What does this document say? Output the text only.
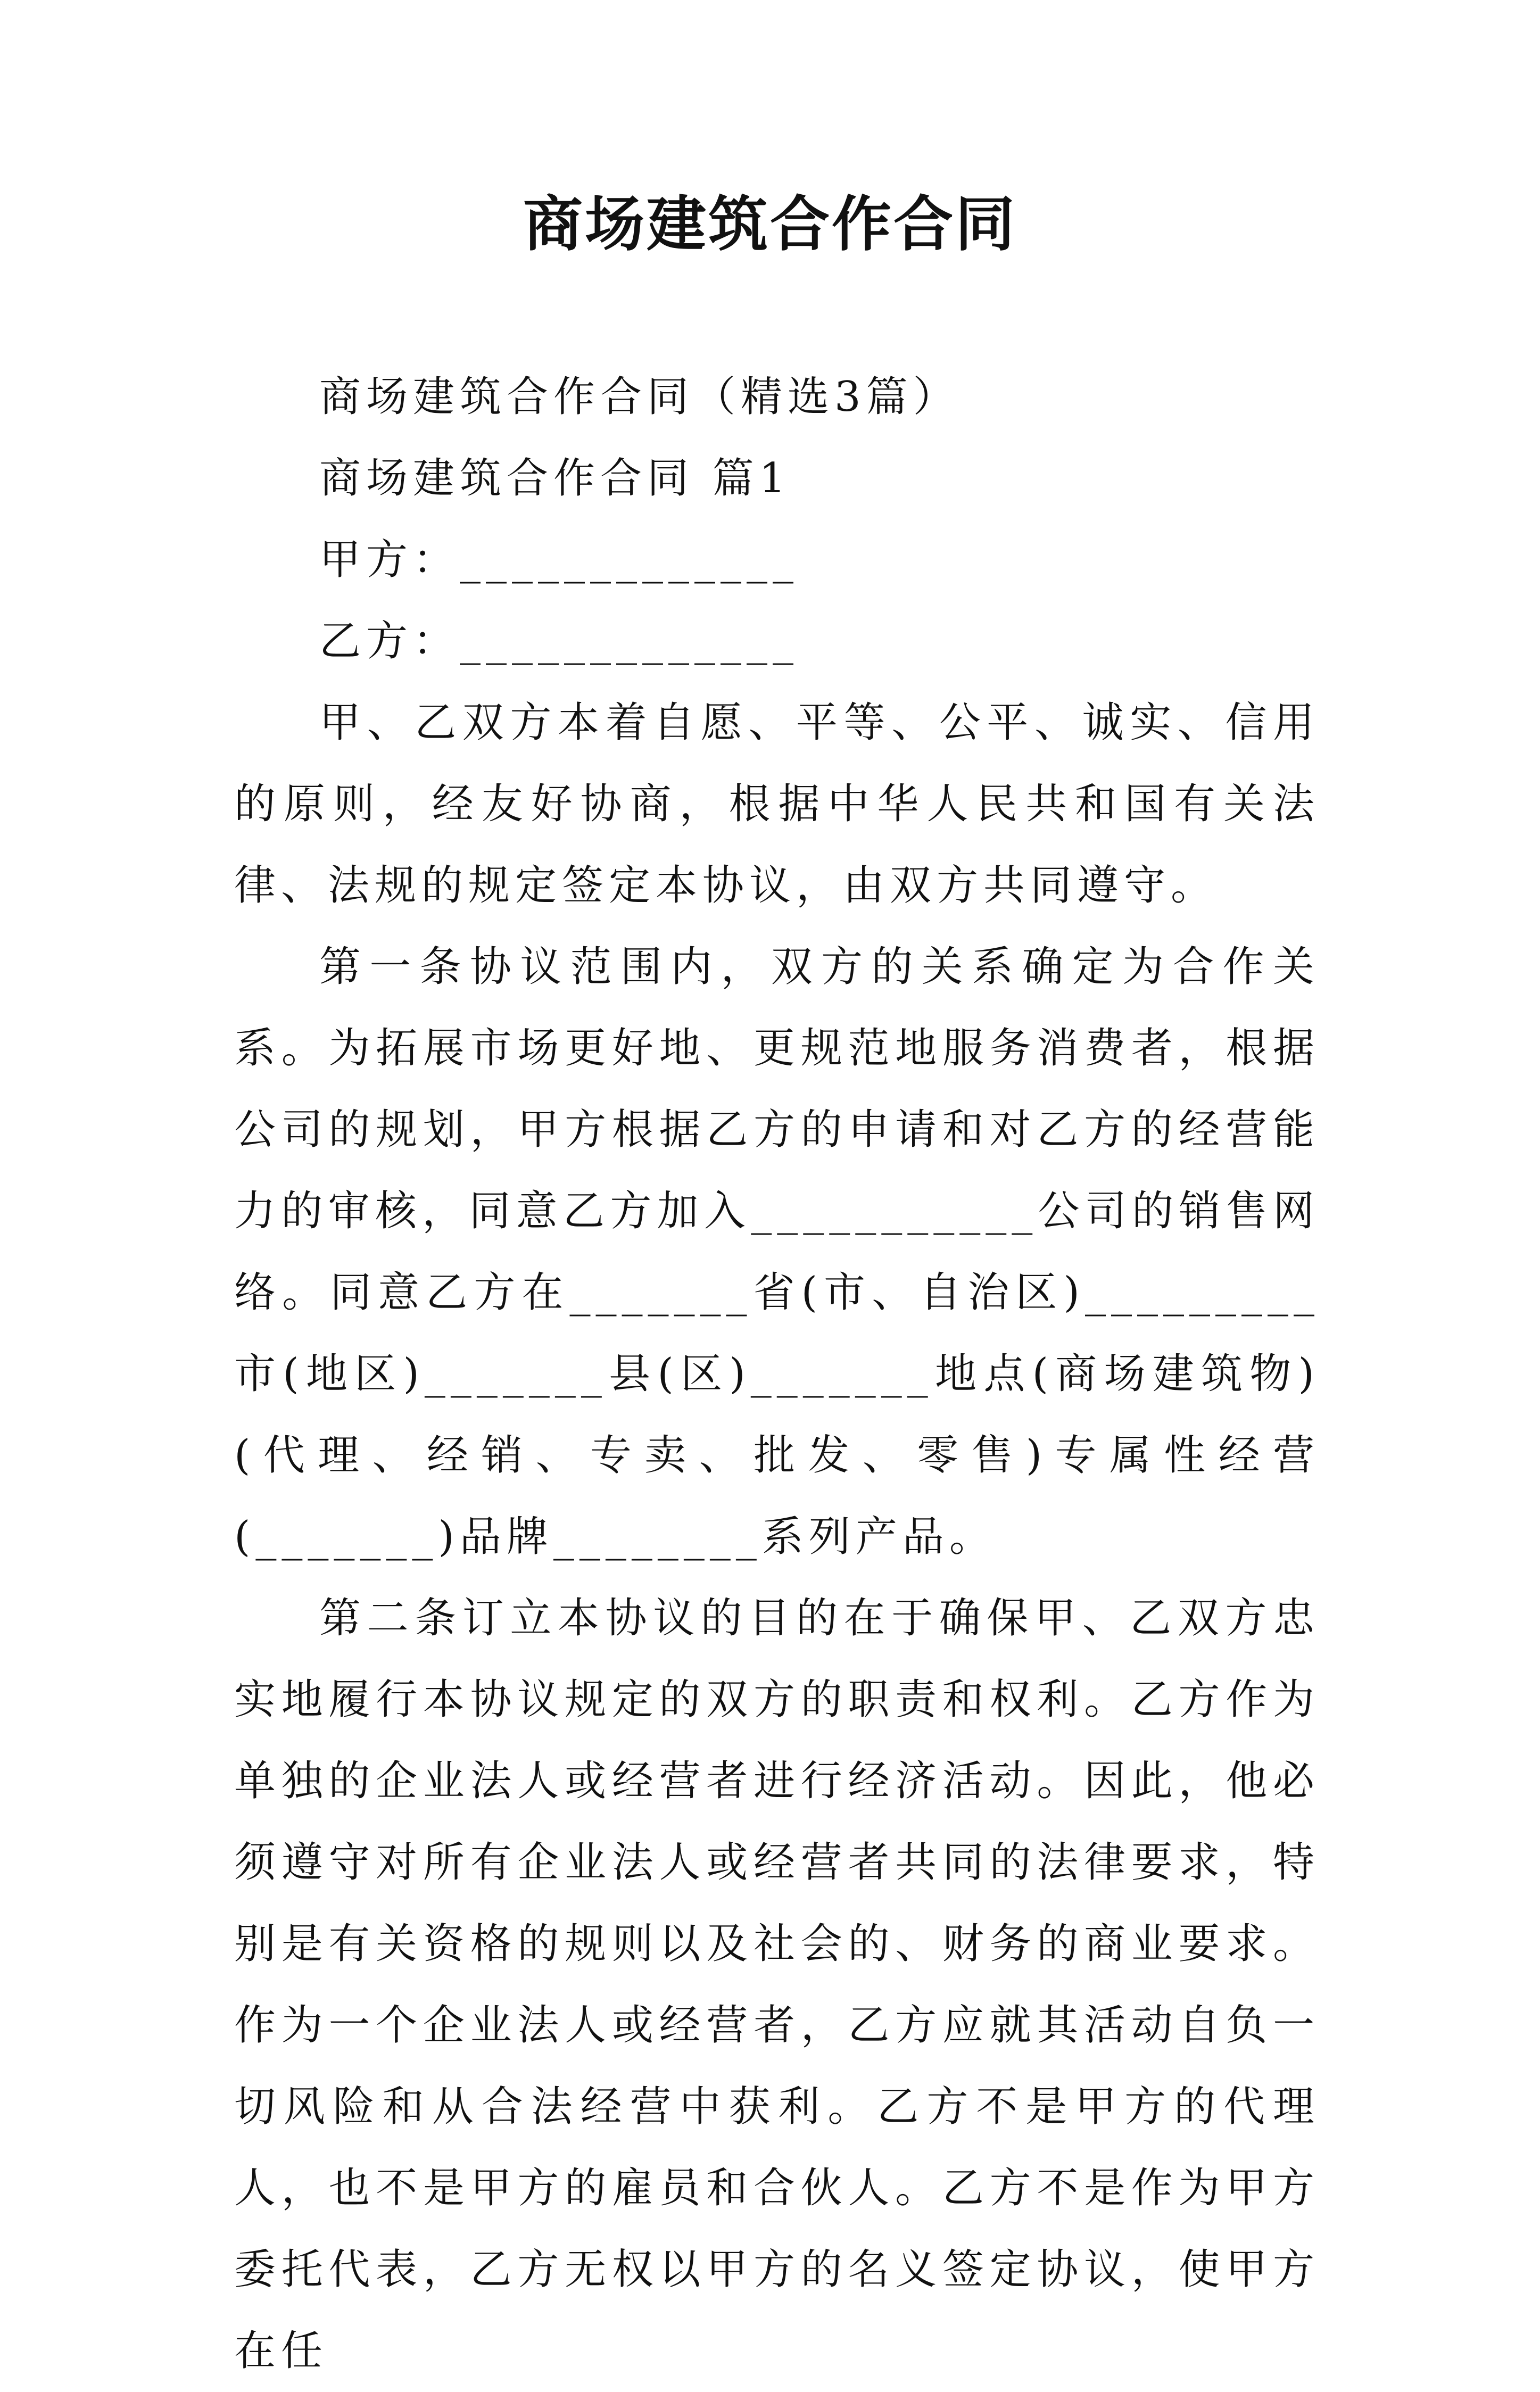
商场建筑合作合同

商场建筑合作合同（精选3篇）

商场建筑合作合同 篇1

甲方：_____________

乙方：_____________

甲、乙双方本着自愿、平等、公平、诚实、信用的原则，经友好协商，根据中华人民共和国有关法律、法规的规定签定本协议，由双方共同遵守。

第一条协议范围内，双方的关系确定为合作关系。为拓展市场更好地、更规范地服务消费者，根据公司的规划，甲方根据乙方的申请和对乙方的经营能力的审核，同意乙方加入___________公司的销售网络。同意乙方在_______省(市、自治区)_________市(地区)_______县(区)_______地点(商场建筑物)(代理、经销、专卖、批发、零售)专属性经营(_______)品牌________系列产品。

第二条订立本协议的目的在于确保甲、乙双方忠实地履行本协议规定的双方的职责和权利。乙方作为单独的企业法人或经营者进行经济活动。因此，他必须遵守对所有企业法人或经营者共同的法律要求，特别是有关资格的规则以及社会的、财务的商业要求。作为一个企业法人或经营者，乙方应就其活动自负一切风险和从合法经营中获利。乙方不是甲方的代理人，也不是甲方的雇员和合伙人。乙方不是作为甲方委托代表，乙方无权以甲方的名义签定协议，使甲方在任
